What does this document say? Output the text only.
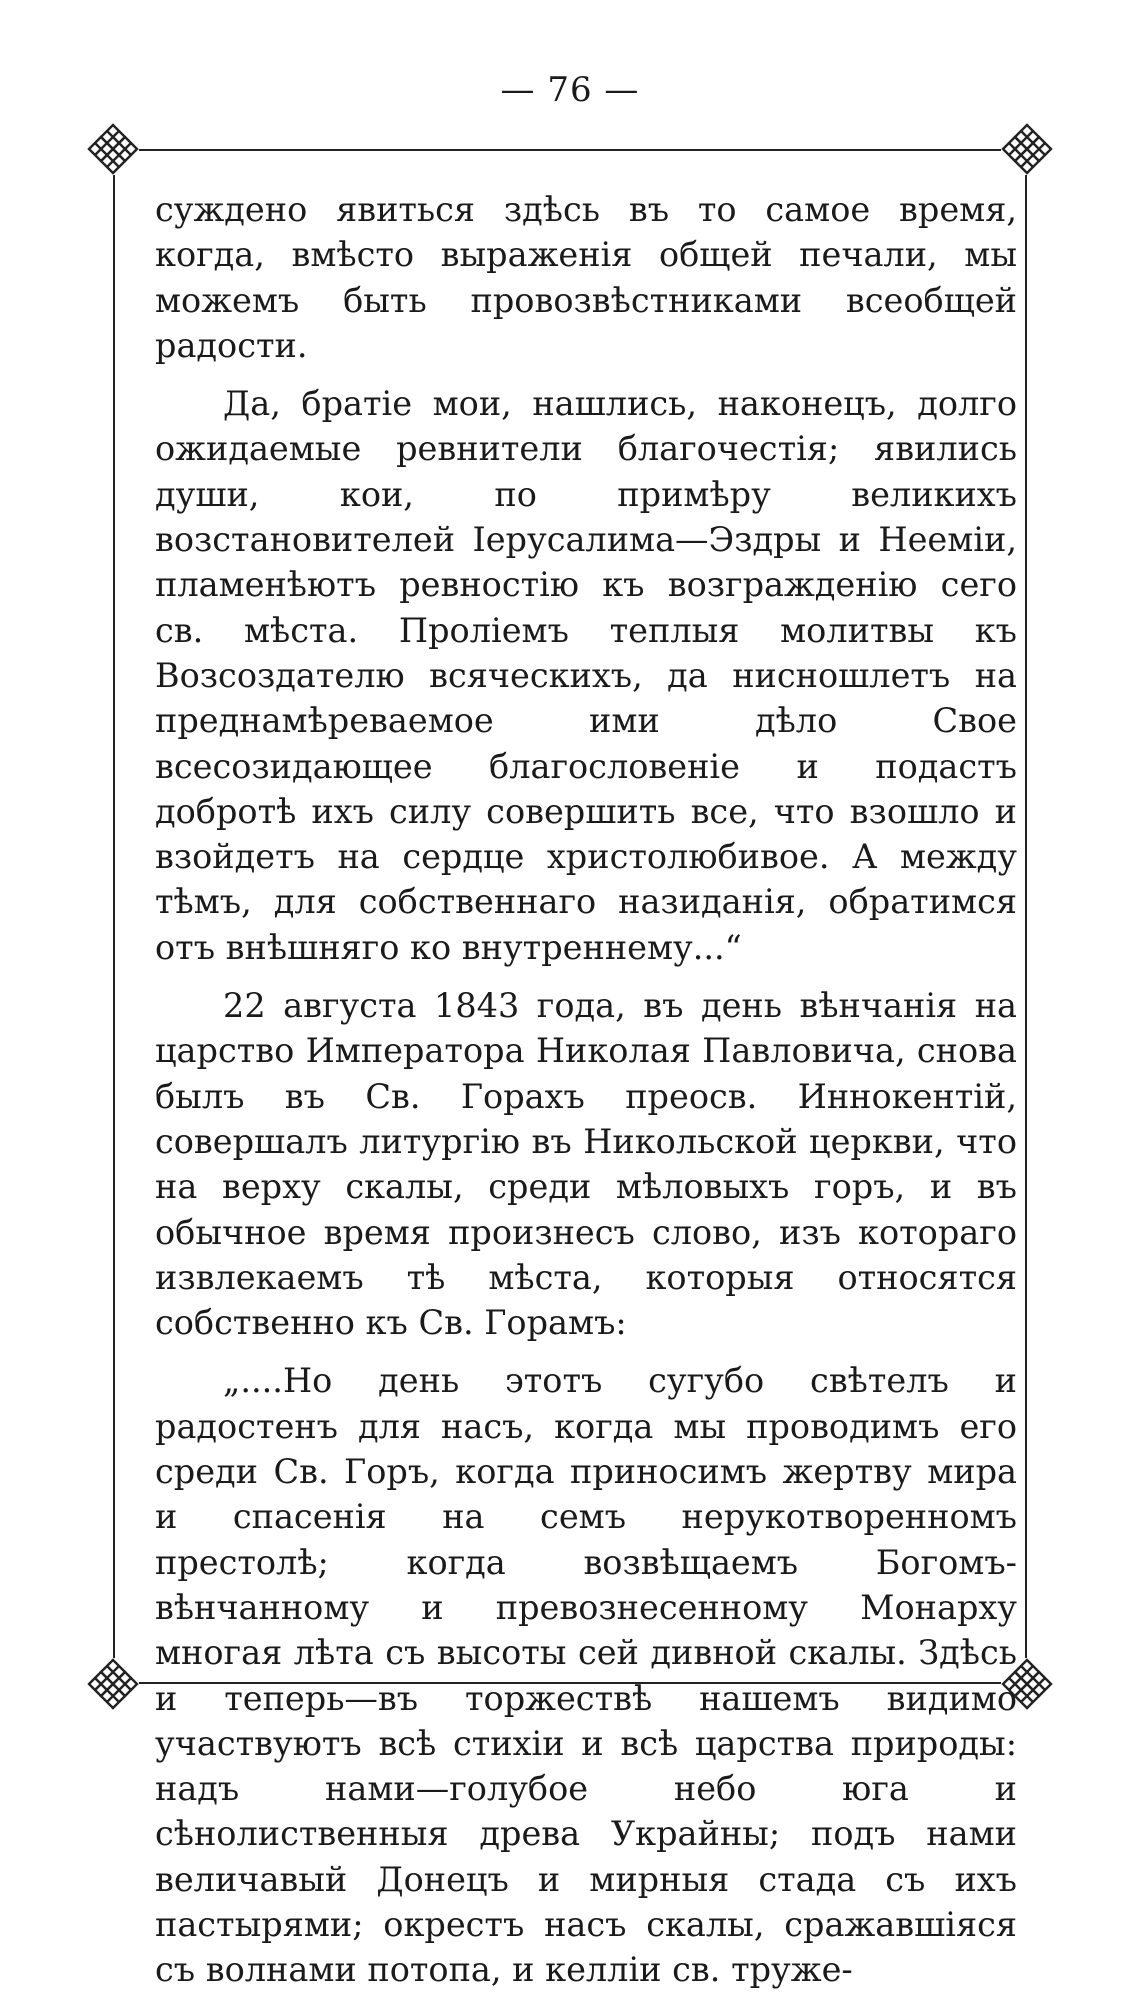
— 76 —

суждено явиться здѣсь въ то самое время, когда, вмѣсто выраженія общей печали, мы можемъ быть провозвѣстниками всеобщей радости.

Да, братіе мои, нашлись, наконецъ, долго ожидаемые ревнители благочестія; явились души, кои, по примѣру великихъ возстановителей Іерусалима—Эздры и Неемiи, пламенѣютъ ревностію къ возгражденію сего св. мѣста. Пролiемъ теплыя молитвы къ Возсоздателю всяческихъ, да нисношлетъ на преднамѣреваемое ими дѣло Свое всесозидающее благословеніе и подастъ добротѣ ихъ силу совершить все, что взошло и взойдетъ на сердце христолюбивое. А между тѣмъ, для собственнаго назиданія, обратимся отъ внѣшняго ко внутреннему...“

22 августа 1843 года, въ день вѣнчанія на царство Императора Николая Павловича, снова былъ въ Св. Горахъ преосв. Иннокентій, совершалъ литургію въ Никольской церкви, что на верху скалы, среди мѣловыхъ горъ, и въ обычное время произнесъ слово, изъ котораго извлекаемъ тѣ мѣста, которыя относятся собственно къ Св. Горамъ:

„....Но день этотъ сугубо свѣтелъ и радостенъ для насъ, когда мы проводимъ его среди Св. Горъ, когда приносимъ жертву мира и спасенія на семъ нерукотворенномъ престолѣ; когда возвѣщаемъ Богомъ-вѣнчанному и превознесенному Монарху многая лѣта съ высоты сей дивной скалы. Здѣсь и теперь—въ торжествѣ нашемъ видимо участвуютъ всѣ стихіи и всѣ царства природы: надъ нами—голубое небо юга и сѣнолиственныя древа Украйны; подъ нами величавый Донецъ и мирныя стада съ ихъ пастырями; окрестъ насъ скалы, сражавшіяся съ волнами потопа, и келліи св. труже-
